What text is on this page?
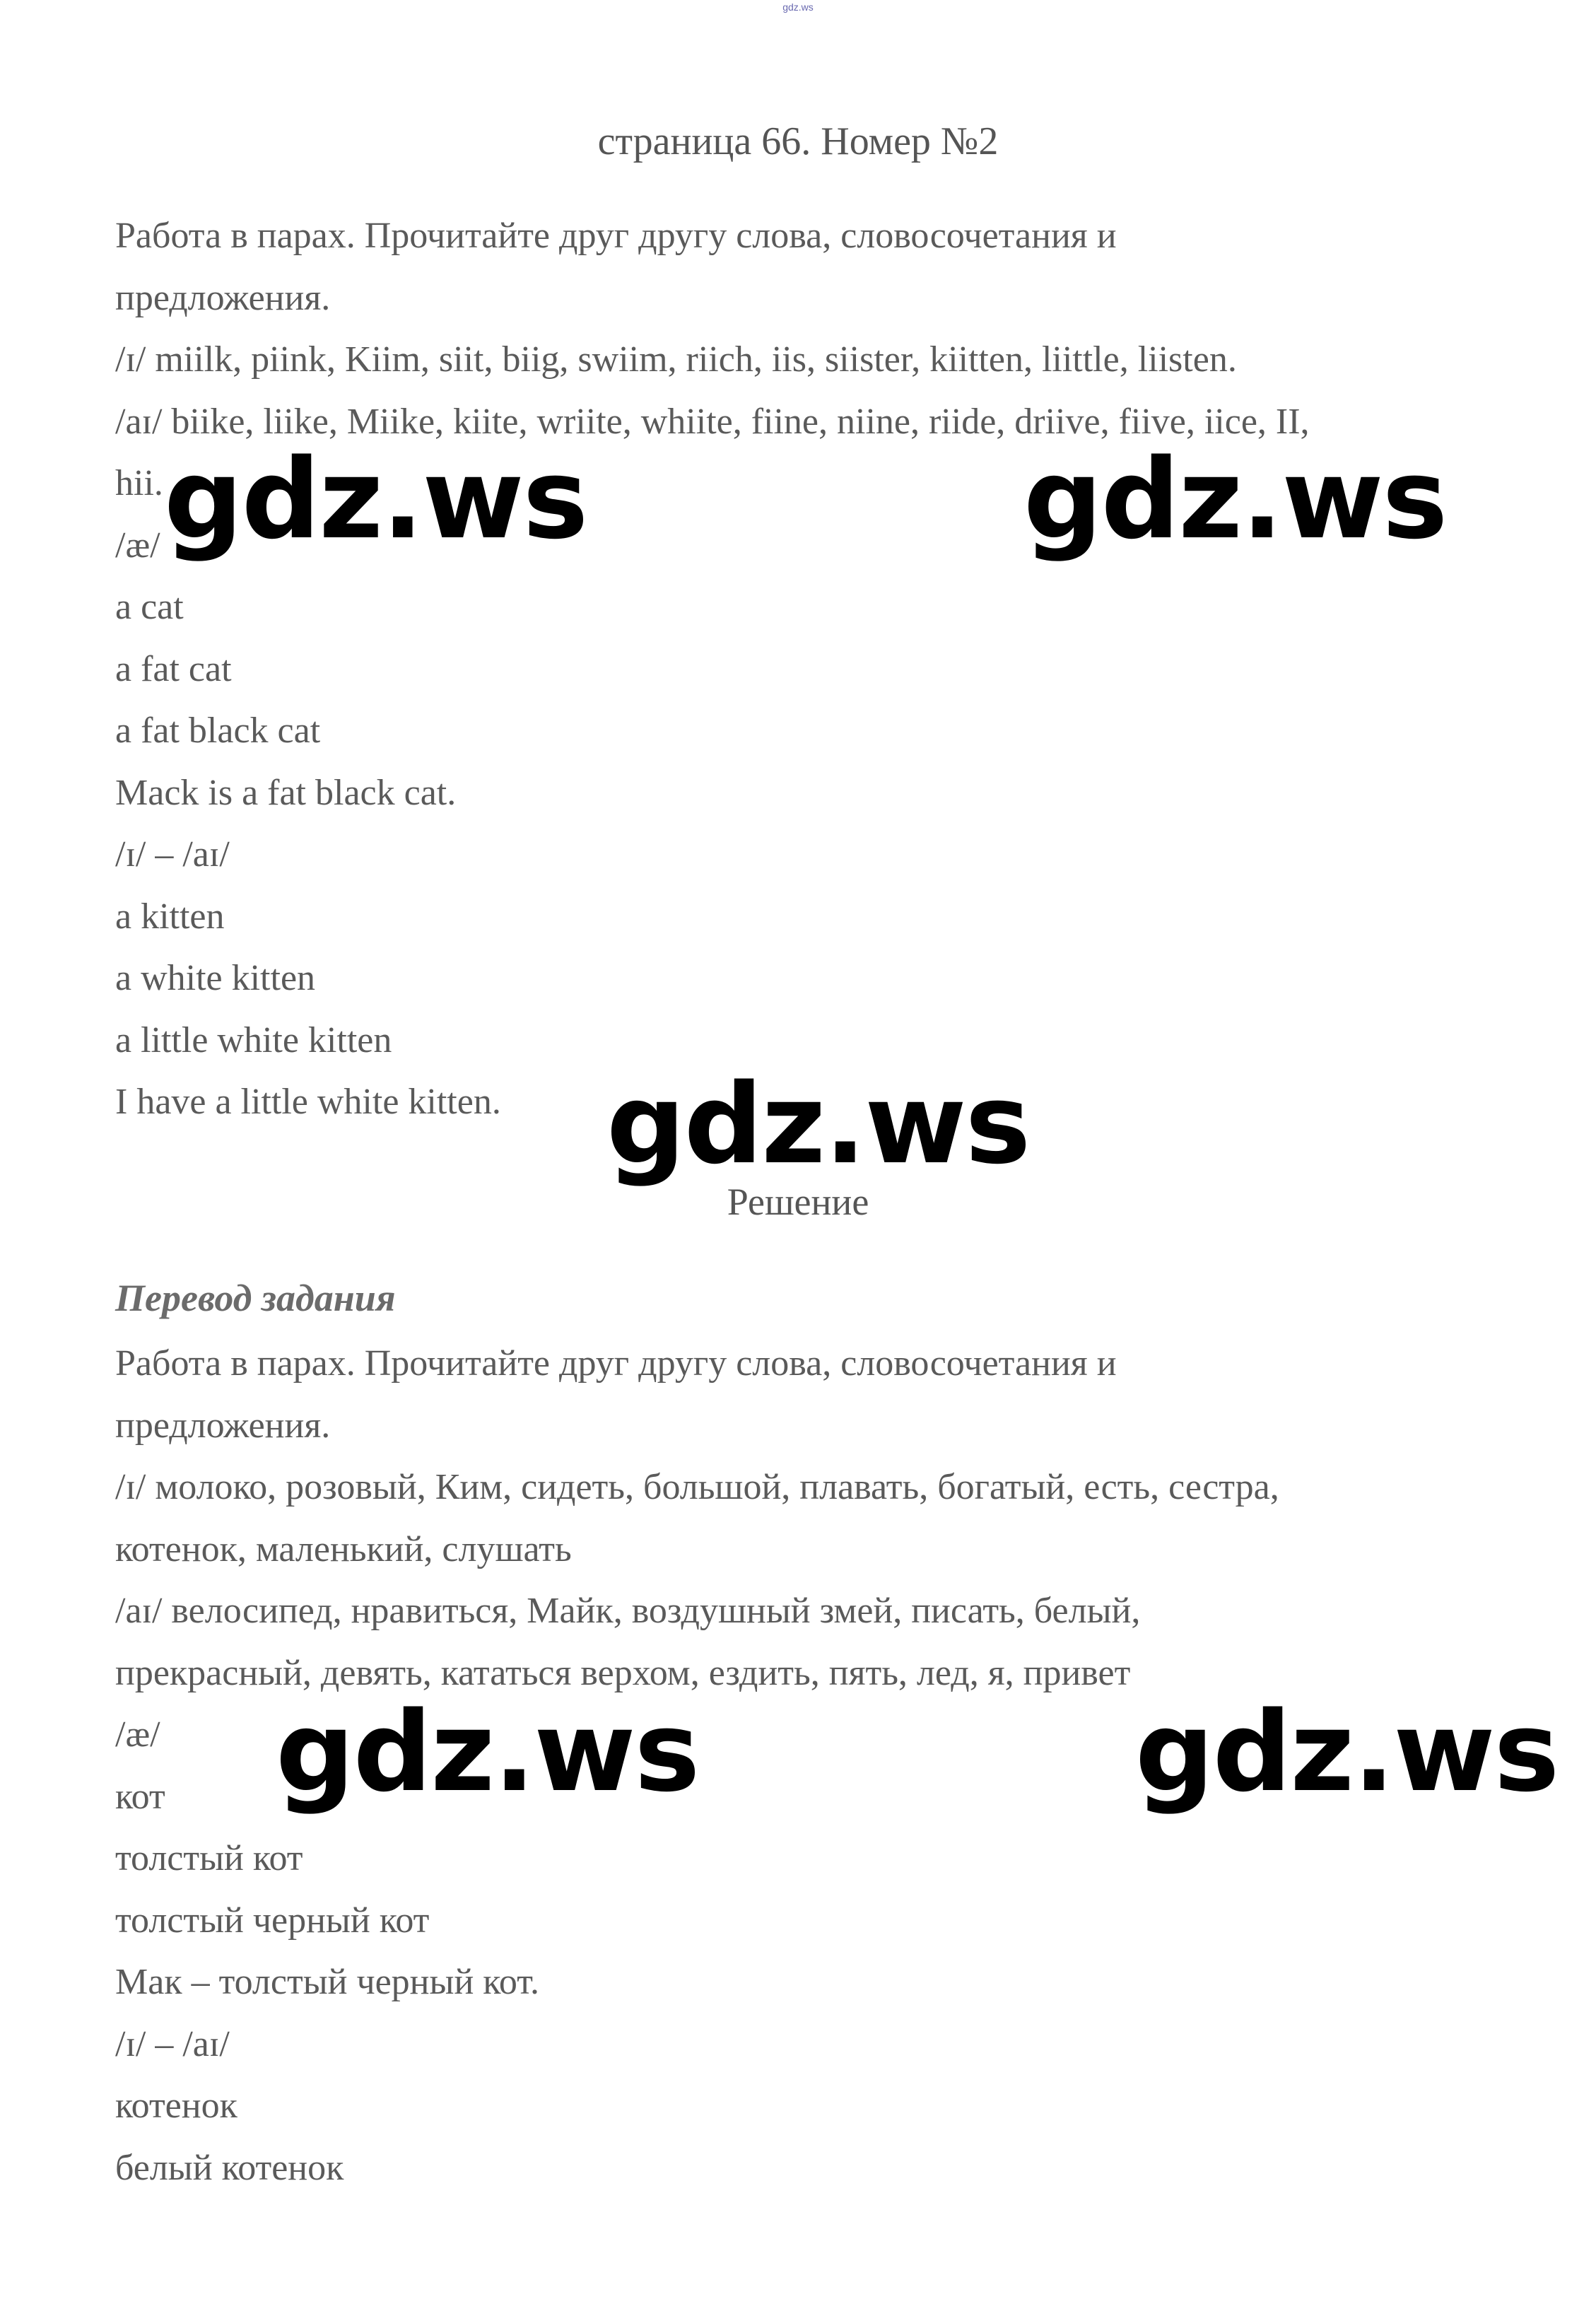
gdz.ws
страница 66. Номер №2
Работа в парах. Прочитайте друг другу слова, словосочетания и
предложения.
/ɪ/ miilk, piink, Kiim, siit, biig, swiim, riich, iis, siister, kiitten, liittle, liisten.
/aɪ/ biike, liike, Miike, kiite, wriite, whiite, fiine, niine, riide, driive, fiive, iice, II,
hii.
/æ/
a cat
a fat cat
a fat black cat
Mack is a fat black cat.
/ɪ/ – /aɪ/
a kitten
a white kitten
a little white kitten
I have a little white kitten.
Решение
Перевод задания
Работа в парах. Прочитайте друг другу слова, словосочетания и
предложения.
/ɪ/ молоко, розовый, Ким, сидеть, большой, плавать, богатый, есть, сестра,
котенок, маленький, слушать
/aɪ/ велосипед, нравиться, Майк, воздушный змей, писать, белый,
прекрасный, девять, кататься верхом, ездить, пять, лед, я, привет
/æ/
кот
толстый кот
толстый черный кот
Мак – толстый черный кот.
/ɪ/ – /aɪ/
котенок
белый котенок
gdz.ws	gdz.ws
gdz.ws
gdz.ws	gdz.ws
